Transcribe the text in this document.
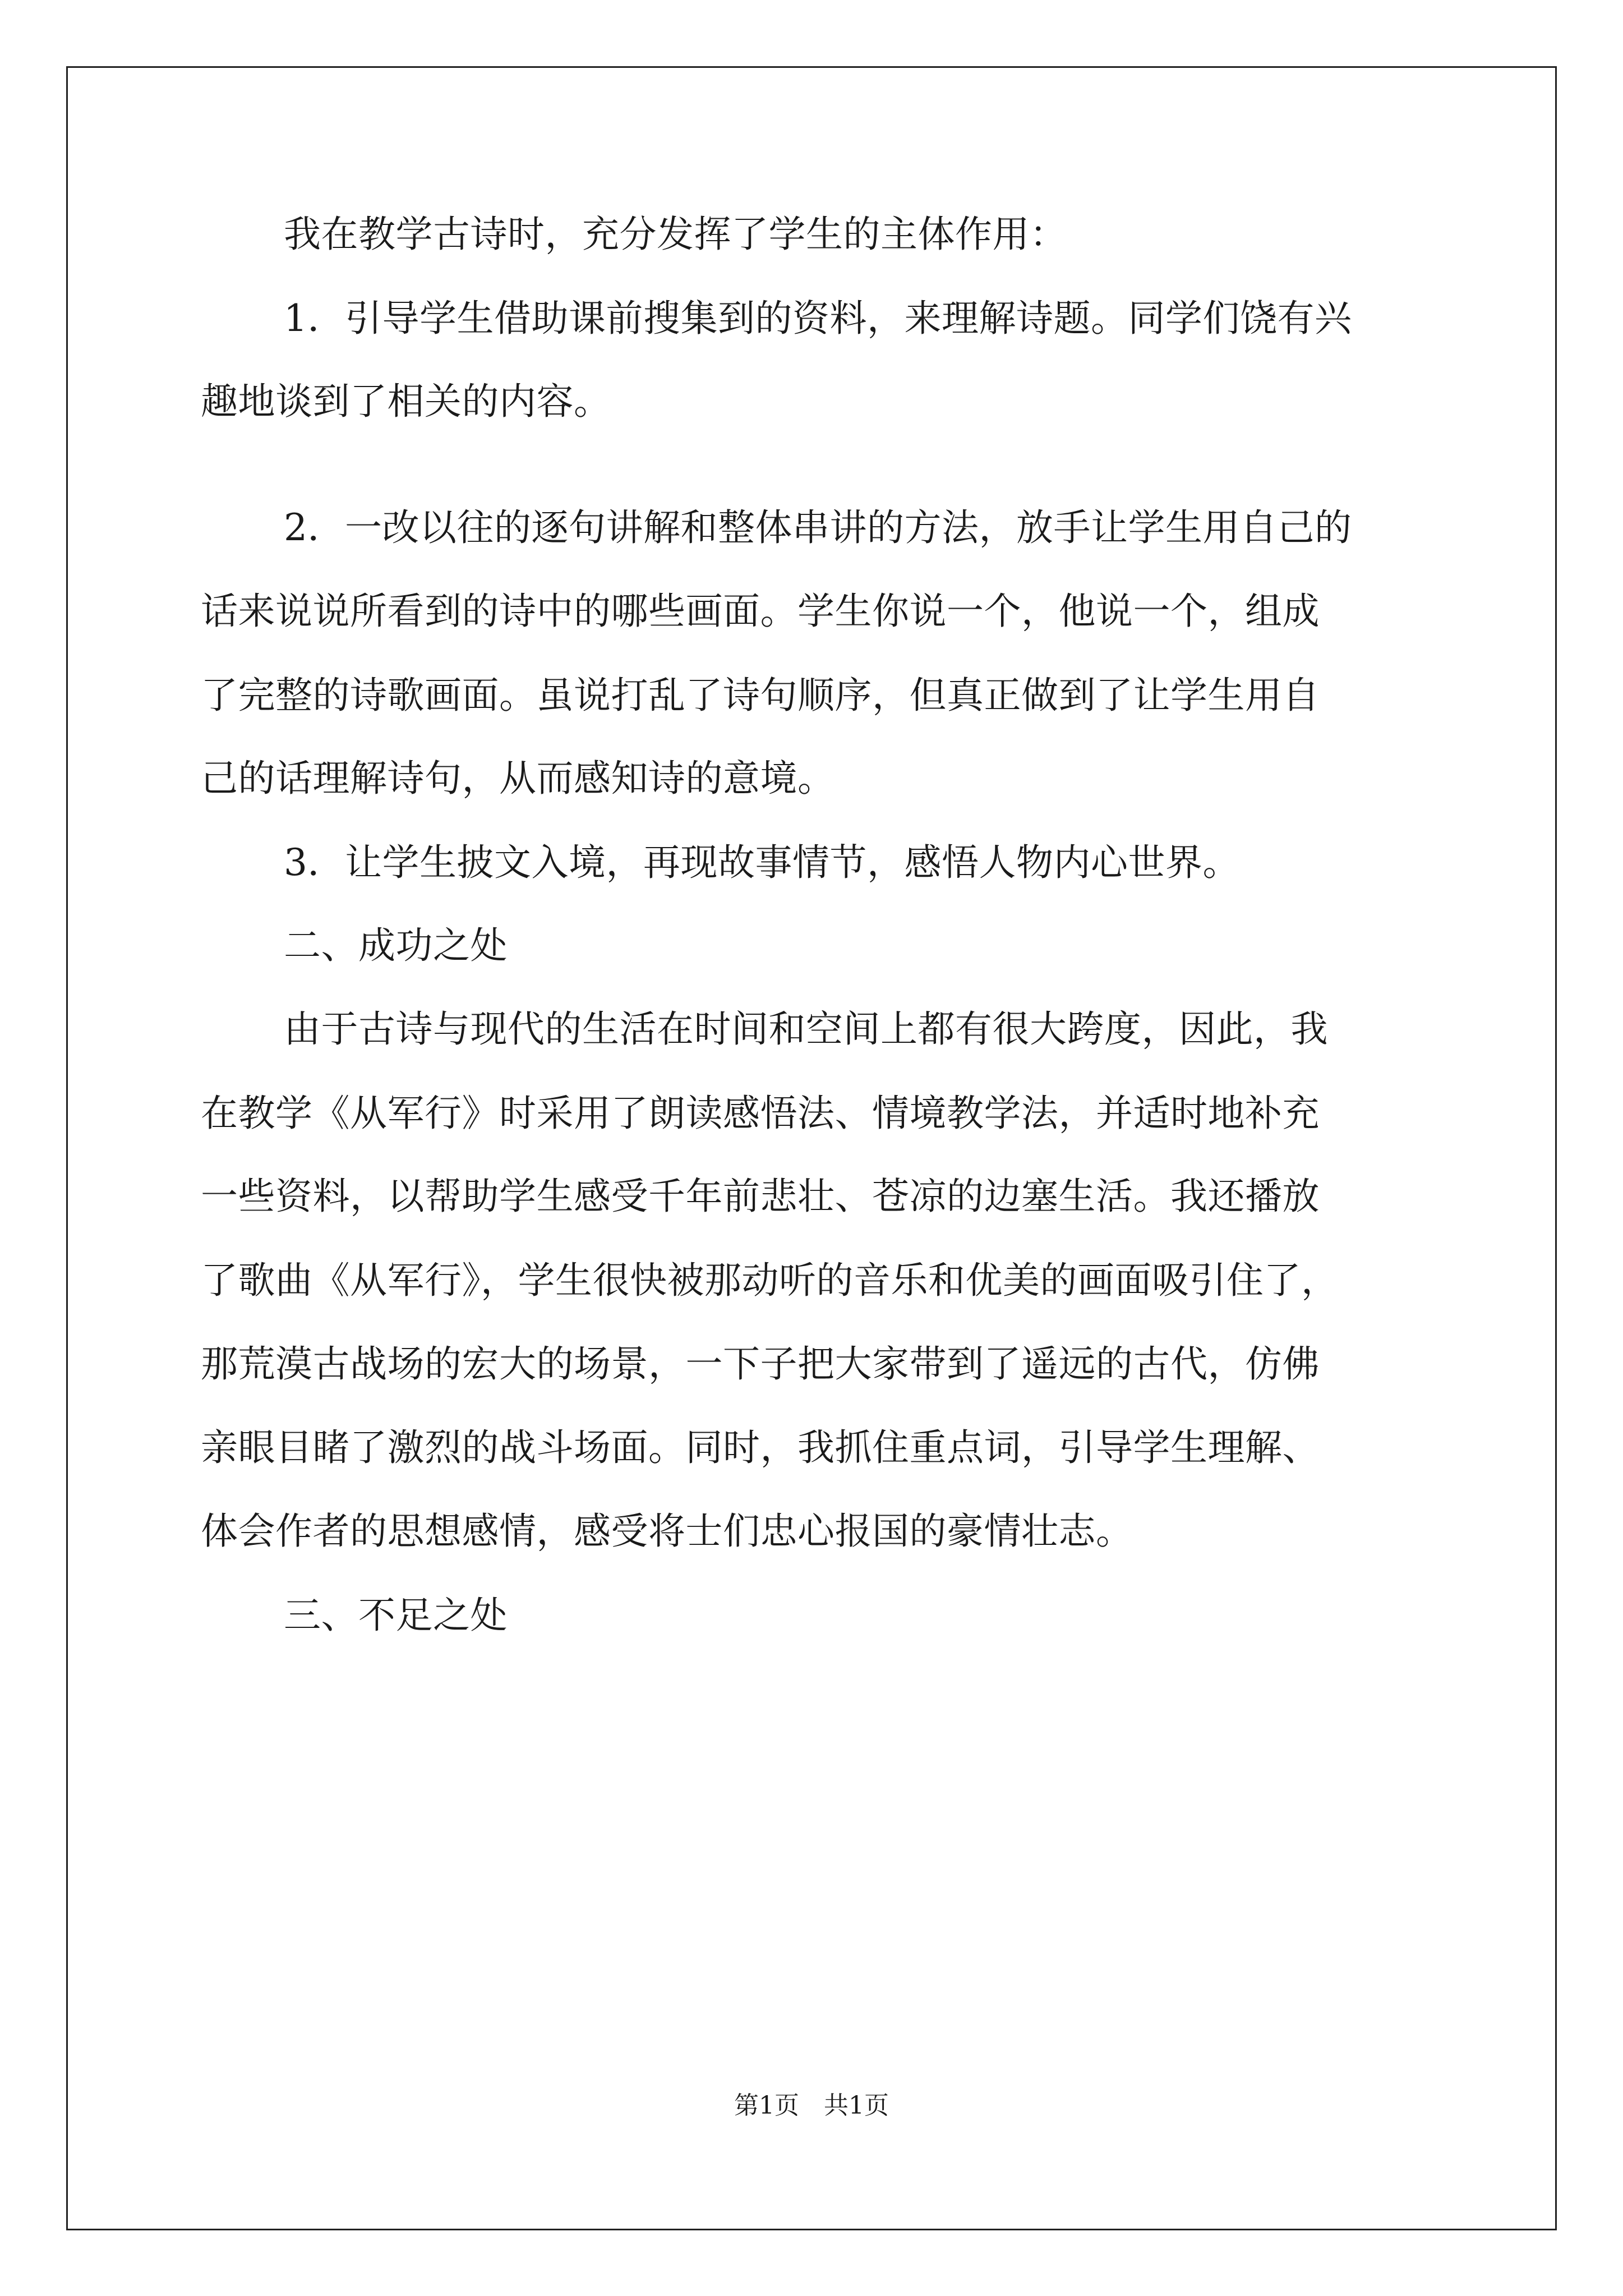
我在教学古诗时，充分发挥了学生的主体作用：
1．引导学生借助课前搜集到的资料，来理解诗题。同学们饶有兴
趣地谈到了相关的内容。
2．一改以往的逐句讲解和整体串讲的方法，放手让学生用自己的
话来说说所看到的诗中的哪些画面。学生你说一个，他说一个，组成
了完整的诗歌画面。虽说打乱了诗句顺序，但真正做到了让学生用自
己的话理解诗句，从而感知诗的意境。
3．让学生披文入境，再现故事情节，感悟人物内心世界。
二、成功之处
由于古诗与现代的生活在时间和空间上都有很大跨度，因此，我
在教学《从军行》时采用了朗读感悟法、情境教学法，并适时地补充
一些资料，以帮助学生感受千年前悲壮、苍凉的边塞生活。我还播放
了歌曲《从军行》，学生很快被那动听的音乐和优美的画面吸引住了，
那荒漠古战场的宏大的场景，一下子把大家带到了遥远的古代，仿佛
亲眼目睹了激烈的战斗场面。同时，我抓住重点词，引导学生理解、
体会作者的思想感情，感受将士们忠心报国的豪情壮志。
三、不足之处
第1页　共1页
